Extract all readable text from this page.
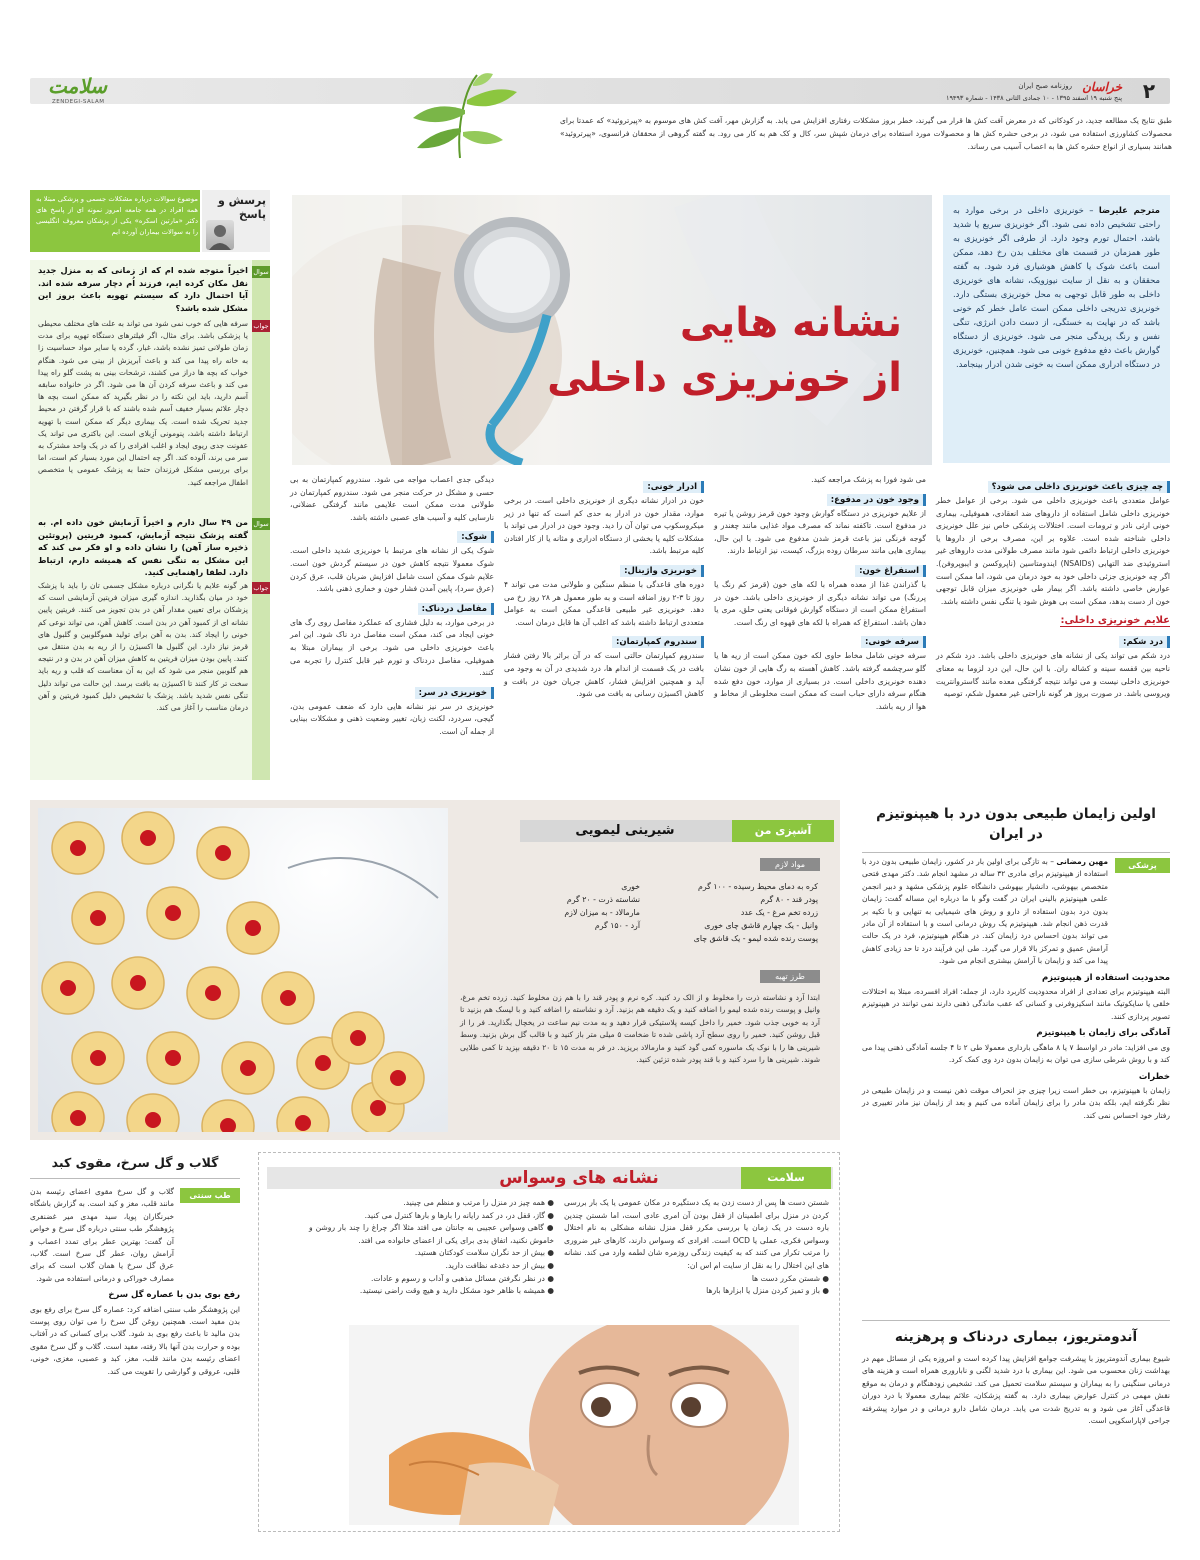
۲
خراسان
روزنامه صبح ایران
پنج شنبه ۱۹ اسفند ۱۳۹۵ - ۱۰ جمادی الثانی ۱۴۳۸ - شماره ۱۹۴۹۳
سلامت
ZENDEGI-SALAM
طبق نتایج یک مطالعه جدید، در کودکانی که در معرض آفت کش ها قرار می گیرند، خطر بروز مشکلات رفتاری افزایش می یابد. به گزارش مهر، آفت کش های موسوم به «پیرتروئید» که عمدتا برای محصولات کشاورزی استفاده می شود، در برخی حشره کش ها و محصولات مورد استفاده برای درمان شپش سر، کال و کک هم به کار می رود. به گفته گروهی از محققان فرانسوی، «پیرتروئید» همانند بسیاری از انواع حشره کش ها به اعصاب آسیب می رساند.
موضوع سوالات درباره مشکلات جسمی و پزشکی مبتلا به همه افراد در همه جامعه امروز نمونه ای از پاسخ های دکتر «مارتین اسکره» یکی از پزشکان معروف انگلیسی را به سوالات بیماران آورده ایم
پرسش و پاسخ
سوال
اخیراً متوجه شده ام که از زمانی که به منزل جدید نقل مکان کرده ایم، فرزند اُم دچار سرفه شده اند. آیا احتمال دارد که سیستم تهویه باعث بروز این مشکل شده باشد؟
جواب
سرفه هایی که خوب نمی شود می تواند به علت های مختلف محیطی یا پزشکی باشد. برای مثال، اگر فیلترهای دستگاه تهویه برای مدت زمان طولانی تمیز نشده باشد، غبار، گرده یا سایر مواد حساسیت زا به خانه راه پیدا می کند و باعث آبریزش از بینی می شود. هنگام خواب که بچه ها دراز می کشند، ترشحات بینی به پشت گلو راه پیدا می کند و باعث سرفه کردن آن ها می شود. اگر در خانواده سابقه آسم دارید، باید این نکته را در نظر بگیرید که ممکن است بچه ها دچار علائم بسیار خفیف آسم شده باشند که با قرار گرفتن در محیط جدید تحریک شده است. یک بیماری دیگر که ممکن است با تهویه ارتباط داشته باشد، پنومونی اَزِبلای است. این باکتری می تواند یک عفونت جدی ریوی ایجاد و اغلب افرادی را که در یک واحد مشترک به سر می برند، آلوده کند. اگر چه احتمال این مورد بسیار کم است، اما برای بررسی مشکل فرزندان حتما به پزشک عمومی یا متخصص اطفال مراجعه کنید.
سوال
من ۴۹ سال دارم و اخیراً آزمایش خون داده ام. به گفته پزشک نتیجه آزمایش، کمبود فریتین (پروتئین ذخیره ساز آهن) را نشان داده و او فکر می کند که این مشکل به تنگی نفس که همیشه دارم، ارتباط دارد. لطفا راهنمایی کنید.
جواب
هر گونه علایم یا نگرانی درباره مشکل جسمی تان را باید با پزشک خود در میان بگذارید. اندازه گیری میزان فریتین آزمایشی است که پزشکان برای تعیین مقدار آهن در بدن تجویز می کنند. فریتین پایین نشانه ای از کمبود آهن در بدن است. کاهش آهن، می تواند نوعی کم خونی را ایجاد کند. بدن به آهن برای تولید هموگلوبین و گلبول های قرمز نیاز دارد. این گلبول ها اکسیژن را از ریه به بدن منتقل می کنند. پایین بودن میزان فریتین به کاهش میزان آهن در بدن و در نتیجه هم گلوبین منجر می شود که این به آن معناست که قلب و ریه باید سخت تر کار کنند تا اکسیژن به بافت برسد. این حالت می تواند دلیل تنگی نفس شدید باشد. پزشک با تشخیص دلیل کمبود فریتین و آهن درمان مناسب را آغاز می کند.
نشانه هایی
از خونریزی داخلی
مترجم علیرضا – خونریزی داخلی در برخی موارد به راحتی تشخیص داده نمی شود. اگر خونریزی سریع یا شدید باشد، احتمال تورم وجود دارد. از طرفی اگر خونریزی به طور همزمان در قسمت های مختلف بدن رخ دهد، ممکن است باعث شوک یا کاهش هوشیاری فرد شود. به گفته محققان و به نقل از سایت نیوزویک، نشانه های خونریزی داخلی به طور قابل توجهی به محل خونریزی بستگی دارد. خونریزی تدریجی داخلی ممکن است عامل خطر کم خونی باشد که در نهایت به خستگی، از دست دادن انرژی، تنگی نفس و رنگ پریدگی منجر می شود. خونریزی از دستگاه گوارش باعث دفع مدفوع خونی می شود. همچنین، خونریزی در دستگاه ادراری ممکن است به خونی شدن ادرار بینجامد.
چه چیزی باعث خونریزی داخلی می شود؟
عوامل متعددی باعث خونریزی داخلی می شود. برخی از عوامل خطر خونریزی داخلی شامل استفاده از داروهای ضد انعقادی، هموفیلی، بیماری خونی ارثی نادر و ترومات است. اختلالات پزشکی خاص نیز علل خونریزی داخلی شناخته شده است. علاوه بر این، مصرف برخی از داروها یا خونریزی داخلی ارتباط دائمی شود مانند مصرف طولانی مدت داروهای غیر استروئیدی ضد التهابی (NSAIDs) ایندومتاسین (ناپروکسن و ایبوپروفن). اگر چه خونریزی جزئی داخلی خود به خود درمان می شود، اما ممکن است عوارض خاصی داشته باشد. اگر بیمار طی خونریزی میزان قابل توجهی خون از دست بدهد، ممکن است بی هوش شود یا تنگی نفس داشته باشد.
علایم خونریزی داخلی:
درد شکم:
درد شکم می تواند یکی از نشانه های خونریزی داخلی باشد. درد شکم در ناحیه بین قفسه سینه و کشاله ران. با این حال، این درد لزوما به معنای خونریزی داخلی نیست و می تواند نتیجه گرفتگی معده مانند گاستروانتریت ویروسی باشد. در صورت بروز هر گونه ناراحتی غیر معمول شکم، توصیه
می شود فورا به پزشک مراجعه کنید.
وجود خون در مدفوع:
از علایم خونریزی در دستگاه گوارش وجود خون قرمز روشن یا تیره در مدفوع است. تاکفته نماند که مصرف مواد غذایی مانند چغندر و گوجه فرنگی نیز باعث قرمز شدن مدفوع می شود. با این حال، بیماری هایی مانند سرطان روده بزرگ، کیست، نیز ارتباط دارند.
استفراغ خون:
با گذراندن غذا از معده همراه با لکه های خون (قرمز کم رنگ یا پررنگ) می تواند نشانه دیگری از خونریزی داخلی باشد. خون در استفراغ ممکن است از دستگاه گوارش فوقانی یعنی حلق، مری یا دهان باشد. استفراغ که همراه با لکه های قهوه ای رنگ است.
سرفه خونی:
سرفه خونی شامل مخاط حاوی لکه خون ممکن است از ریه ها یا گلو سرچشمه گرفته باشد. کاهش آهسته به رگ هایی از خون نشان دهنده خونریزی داخلی است. در بسیاری از موارد، خون دفع شده هنگام سرفه دارای حباب است که ممکن است مخلوطی از مخاط و هوا از ریه باشد.
ادرار خونی:
خون در ادرار نشانه دیگری از خونریزی داخلی است. در برخی موارد، مقدار خون در ادرار به حدی کم است که تنها در زیر میکروسکوپ می توان آن را دید. وجود خون در ادرار می تواند با مشکلات کلیه یا بخشی از دستگاه ادراری و مثانه یا از کار افتادن کلیه مرتبط باشد.
خونریزی واژینال:
دوره های قاعدگی با منظم سنگین و طولانی مدت می تواند ۴ روز تا ۳-۲ روز اضافه است و به طور معمول هر ۲۸ روز رخ می دهد. خونریزی غیر طبیعی قاعدگی ممکن است به عوامل متعددی ارتباط داشته باشد که اغلب آن ها قابل درمان است.
سندروم کمپارتمان:
سندروم کمپارتمان حالتی است که در آن براثر بالا رفتن فشار بافت در یک قسمت از اندام ها، درد شدیدی در آن به وجود می آید و همچنین افزایش فشار، کاهش جریان خون در بافت و کاهش اکسیژن رسانی به بافت می شود.
دیدگی جدی اعصاب مواجه می شود. سندروم کمپارتمان به بی حسی و مشکل در حرکت منجر می شود. سندروم کمپارتمان در طولانی مدت ممکن است علایمی مانند گرفتگی عضلانی، نارسایی کلیه و آسیب های عصبی داشته باشد.
شوک:
شوک یکی از نشانه های مرتبط با خونریزی شدید داخلی است. شوک معمولا نتیجه کاهش خون در سیستم گردش خون است. علایم شوک ممکن است شامل افزایش ضربان قلب، عرق کردن (عرق سرد)، پایین آمدن فشار خون و خماری ذهنی باشد.
مفاصل دردناک:
در برخی موارد، به دلیل فشاری که عملکرد مفاصل روی رگ های خونی ایجاد می کند، ممکن است مفاصل درد ناک شود. این امر باعث خونریزی داخلی می شود. برخی از بیماران مبتلا به هموفیلی، مفاصل دردناک و تورم غیر قابل کنترل را تجربه می کنند.
خونریزی در سر:
خونریزی در سر نیز نشانه هایی دارد که ضعف عمومی بدن، گیجی، سردرد، لکنت زبان، تغییر وضعیت ذهنی و مشکلات بینایی از جمله آن است.
آشپزی من
شیرینی لیمویی
مواد لازم
کره به دمای محیط رسیده - ۱۰۰ گرم
پودر قند - ۸۰ گرم
زرده تخم مرغ - یک عدد
وانیل - یک چهارم قاشق چای خوری
پوست رنده شده لیمو - یک قاشق چای
خوری
نشاسته ذرت - ۲۰ گرم
مارمالاد - به میزان لازم
آرد - ۱۵۰ گرم
طرز تهیه
ابتدا آرد و نشاسته ذرت را مخلوط و از الک رد کنید. کره نرم و پودر قند را با هم زن مخلوط کنید. زرده تخم مرغ، وانیل و پوست رنده شده لیمو را اضافه کنید و یک دقیقه هم بزنید. آرد و نشاسته را اضافه کنید و با لیسک هم بزنید تا آرد به خوبی جذب شود. خمیر را داخل کیسه پلاستیکی قرار دهید و به مدت نیم ساعت در یخچال بگذارید. فر را از قبل روشن کنید. خمیر را روی سطح آرد پاشی شده تا ضخامت ۵ میلی متر باز کنید و با قالب گل برش بزنید. وسط شیرینی ها را با نوک یک ماسوره کمی گود کنید و مارمالاد بریزید. در فر به مدت ۱۵ تا ۲۰ دقیقه بپزید تا کمی طلایی شوند. شیرینی ها را سرد کنید و با قند پودر شده تزئین کنید.
اولین زایمان طبیعی بدون درد با هیپنوتیزم در ایران
پزشکی
مهین رمضانی – به تازگی برای اولین بار در کشور، زایمان طبیعی بدون درد با استفاده از هیپنوتیزم برای مادری ۳۲ ساله در مشهد انجام شد. دکتر مهدی فتحی متخصص بیهوشی، دانشیار بیهوشی دانشگاه علوم پزشکی مشهد و دبیر انجمن علمی هیپنوتیزم بالینی ایران در گفت وگو با ما درباره این مساله گفت: زایمان بدون درد بدون استفاده از دارو و روش های شیمیایی به تنهایی و با تکیه بر قدرت ذهن انجام شد. هیپنوتیزم یک روش درمانی است و با استفاده از آن مادر می تواند بدون احساس درد زایمان کند. در هنگام هیپنوتیزم، فرد در یک حالت آرامش عمیق و تمرکز بالا قرار می گیرد. طی این فرآیند درد تا حد زیادی کاهش پیدا می کند و زایمان با آرامش بیشتری انجام می شود.
محدودیت استفاده از هیپنوتیزم
البته هیپنوتیزم برای تعدادی از افراد محدودیت کاربرد دارد، از جمله: افراد افسرده، مبتلا به اختلالات خلقی یا سایکوتیک مانند اسکیزوفرنی و کسانی که عقب ماندگی ذهنی دارند نمی توانند در هیپنوتیزم تصویر پردازی کنند.
آمادگی برای زایمان با هیپنوتیزم
وی می افزاید: مادر در اواسط ۷ یا ۸ ماهگی بارداری معمولا طی ۲ تا ۴ جلسه آمادگی ذهنی پیدا می کند و با روش شرطی سازی می توان به زایمان بدون درد وی کمک کرد.
خطرات
زایمان با هیپنوتیزم، بی خطر است زیرا چیزی جز انحراف موقت ذهن نیست و در زایمان طبیعی در نظر نگرفته ایم، بلکه بدن مادر را برای زایمان آماده می کنیم و بعد از زایمان نیز مادر تغییری در رفتار خود احساس نمی کند.
آندومتریوز، بیماری دردناک و پرهزینه
شیوع بیماری آندومتریوز با پیشرفت جوامع افزایش پیدا کرده است و امروزه یکی از مسائل مهم در بهداشت زنان محسوب می شود. این بیماری با درد شدید لگنی و ناباروری همراه است و هزینه های درمانی سنگینی را به بیماران و سیستم سلامت تحمیل می کند. تشخیص زودهنگام و درمان به موقع نقش مهمی در کنترل عوارض بیماری دارد. به گفته پزشکان، علائم بیماری معمولا با درد دوران قاعدگی آغاز می شود و به تدریج شدت می یابد. درمان شامل دارو درمانی و در موارد پیشرفته جراحی لاپاراسکوپی است.
گلاب و گل سرخ، مقوی کبد
طب سنتی
گلاب و گل سرخ مقوی اعضای رئیسه بدن مانند قلب، مغز و کبد است. به گزارش باشگاه خبرنگاران پویا، سید مهدی میر غضنفری پژوهشگر طب سنتی درباره گل سرخ و خواص آن گفت: بهترین عطر برای تمدد اعصاب و آرامش روان، عطر گل سرخ است. گلاب، عرق گل سرخ یا همان گلاب است که برای مصارف خوراکی و درمانی استفاده می شود.
رفع بوی بدن با عصاره گل سرخ
این پژوهشگر طب سنتی اضافه کرد: عصاره گل سرخ برای رفع بوی بدن مفید است. همچنین روغن گل سرخ را می توان روی پوست بدن مالید تا باعث رفع بوی بد شود. گلاب برای کسانی که در آفتاب بوده و حرارت بدن آنها بالا رفته، مفید است. گلاب و گل سرخ مقوی اعضای رئیسه بدن مانند قلب، مغز، کبد و عصبی، مغزی، خونی، قلبی، عروقی و گوارشی را تقویت می کند.
سلامت
نشانه های وسواس
شستن دست ها پس از دست زدن به یک دستگیره در مکان عمومی یا یک بار بررسی کردن در منزل برای اطمینان از قفل بودن آن امری عادی است، اما شستن چندین باره دست در یک زمان یا بررسی مکرر قفل منزل نشانه مشکلی به نام اختلال وسواس فکری، عملی یا OCD است. افرادی که وسواس دارند، کارهای غیر ضروری را مرتب تکرار می کنند که به کیفیت زندگی روزمره شان لطمه وارد می کند. نشانه های این اختلال را به نقل از سایت ام اس ان:
● شستن مکرر دست ها
● باز و تمیز کردن منزل یا ابزارها بارها
● همه چیز در منزل را مرتب و منظم می چینید.
● گاز، قفل در، در کمد رایانه را بارها و بارها کنترل می کنید.
● گاهی وسواس عجیبی به جانتان می افتد مثلا اگر چراغ را چند بار روشن و خاموش نکنید، اتفاق بدی برای یکی از اعضای خانواده می افتد.
● بیش از حد نگران سلامت کودکتان هستید.
● بیش از حد دغدغه نظافت دارید.
● در نظر نگرفتن مسائل مذهبی و آداب و رسوم و عادات.
● همیشه با ظاهر خود مشکل دارید و هیچ وقت راضی نیستید.
